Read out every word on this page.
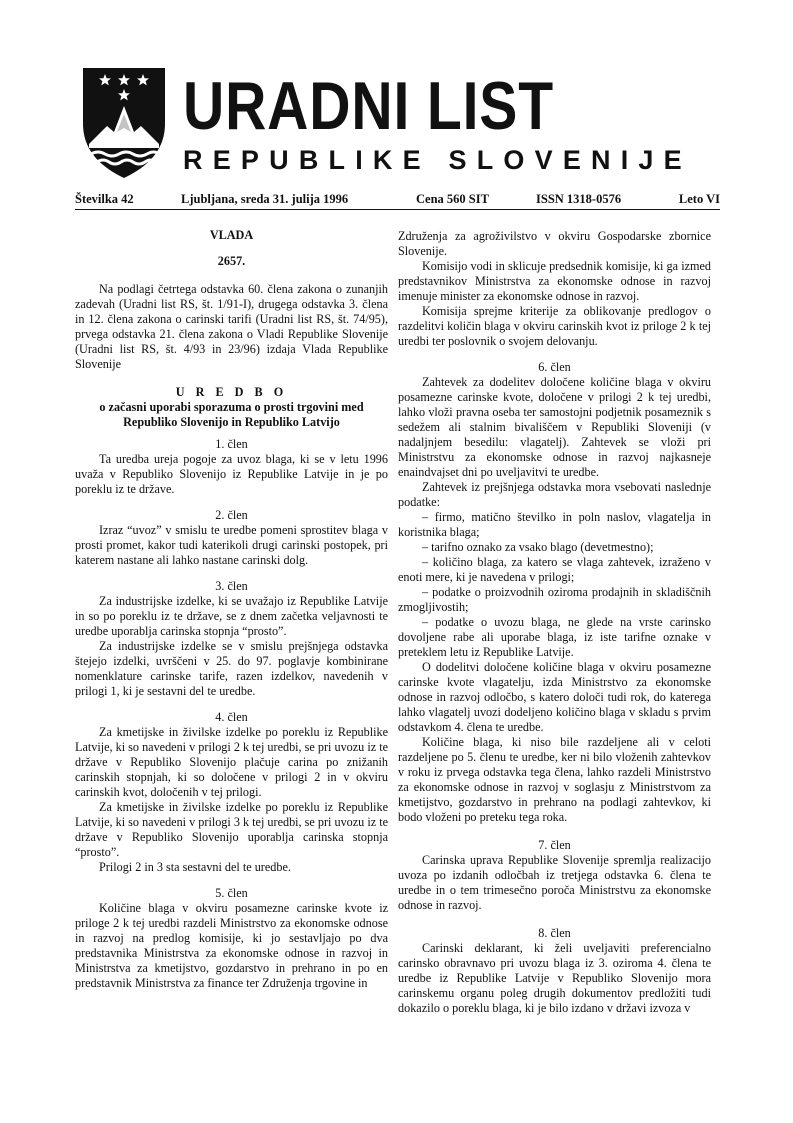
URADNI LIST
REPUBLIKE SLOVENIJE
Številka 42	Ljubljana, sreda 31. julija 1996	Cena 560 SIT	ISSN 1318-0576	Leto VI

VLADA

2657.

Na podlagi četrtega odstavka 60. člena zakona o zunanjih zadevah (Uradni list RS, št. 1/91-I), drugega odstavka 3. člena in 12. člena zakona o carinski tarifi (Uradni list RS, št. 74/95), prvega odstavka 21. člena zakona o Vladi Republike Slovenije (Uradni list RS, št. 4/93 in 23/96) izdaja Vlada Republike Slovenije

U R E D B O

o začasni uporabi sporazuma o prosti trgovini med Republiko Slovenijo in Republiko Latvijo

1. člen

Ta uredba ureja pogoje za uvoz blaga, ki se v letu 1996 uvaža v Republiko Slovenijo iz Republike Latvije in je po poreklu iz te države.

2. člen

Izraz “uvoz” v smislu te uredbe pomeni sprostitev blaga v prosti promet, kakor tudi katerikoli drugi carinski postopek, pri katerem nastane ali lahko nastane carinski dolg.

3. člen

Za industrijske izdelke, ki se uvažajo iz Republike Latvije in so po poreklu iz te države, se z dnem začetka veljavnosti te uredbe uporablja carinska stopnja “prosto”.

Za industrijske izdelke se v smislu prejšnjega odstavka štejejo izdelki, uvrščeni v 25. do 97. poglavje kombinirane nomenklature carinske tarife, razen izdelkov, navedenih v prilogi 1, ki je sestavni del te uredbe.

4. člen

Za kmetijske in živilske izdelke po poreklu iz Republike Latvije, ki so navedeni v prilogi 2 k tej uredbi, se pri uvozu iz te države v Republiko Slovenijo plačuje carina po znižanih carinskih stopnjah, ki so določene v prilogi 2 in v okviru carinskih kvot, določenih v tej prilogi.

Za kmetijske in živilske izdelke po poreklu iz Republike Latvije, ki so navedeni v prilogi 3 k tej uredbi, se pri uvozu iz te države v Republiko Slovenijo uporablja carinska stopnja “prosto”.

Prilogi 2 in 3 sta sestavni del te uredbe.

5. člen

Količine blaga v okviru posamezne carinske kvote iz priloge 2 k tej uredbi razdeli Ministrstvo za ekonomske odnose in razvoj na predlog komisije, ki jo sestavljajo po dva predstavnika Ministrstva za ekonomske odnose in razvoj in Ministrstva za kmetijstvo, gozdarstvo in prehrano in po en predstavnik Ministrstva za finance ter Združenja trgovine in

Združenja za agroživilstvo v okviru Gospodarske zbornice Slovenije.

Komisijo vodi in sklicuje predsednik komisije, ki ga izmed predstavnikov Ministrstva za ekonomske odnose in razvoj imenuje minister za ekonomske odnose in razvoj.

Komisija sprejme kriterije za oblikovanje predlogov o razdelitvi količin blaga v okviru carinskih kvot iz priloge 2 k tej uredbi ter poslovnik o svojem delovanju.

6. člen

Zahtevek za dodelitev določene količine blaga v okviru posamezne carinske kvote, določene v prilogi 2 k tej uredbi, lahko vloži pravna oseba ter samostojni podjetnik posameznik s sedežem ali stalnim bivališčem v Republiki Sloveniji (v nadaljnjem besedilu: vlagatelj). Zahtevek se vloži pri Ministrstvu za ekonomske odnose in razvoj najkasneje enaindvajset dni po uveljavitvi te uredbe.

Zahtevek iz prejšnjega odstavka mora vsebovati naslednje podatke:

– firmo, matično številko in poln naslov, vlagatelja in koristnika blaga;

– tarifno oznako za vsako blago (devetmestno);

– količino blaga, za katero se vlaga zahtevek, izraženo v enoti mere, ki je navedena v prilogi;

– podatke o proizvodnih oziroma prodajnih in skladiščnih zmogljivostih;

– podatke o uvozu blaga, ne glede na vrste carinsko dovoljene rabe ali uporabe blaga, iz iste tarifne oznake v preteklem letu iz Republike Latvije.

O dodelitvi določene količine blaga v okviru posamezne carinske kvote vlagatelju, izda Ministrstvo za ekonomske odnose in razvoj odločbo, s katero določi tudi rok, do katerega lahko vlagatelj uvozi dodeljeno količino blaga v skladu s prvim odstavkom 4. člena te uredbe.

Količine blaga, ki niso bile razdeljene ali v celoti razdeljene po 5. členu te uredbe, ker ni bilo vloženih zahtevkov v roku iz prvega odstavka tega člena, lahko razdeli Ministrstvo za ekonomske odnose in razvoj v soglasju z Ministrstvom za kmetijstvo, gozdarstvo in prehrano na podlagi zahtevkov, ki bodo vloženi po preteku tega roka.

7. člen

Carinska uprava Republike Slovenije spremlja realizacijo uvoza po izdanih odločbah iz tretjega odstavka 6. člena te uredbe in o tem trimesečno poroča Ministrstvu za ekonomske odnose in razvoj.

8. člen

Carinski deklarant, ki želi uveljaviti preferencialno carinsko obravnavo pri uvozu blaga iz 3. oziroma 4. člena te uredbe iz Republike Latvije v Republiko Slovenijo mora carinskemu organu poleg drugih dokumentov predložiti tudi dokazilo o poreklu blaga, ki je bilo izdano v državi izvoza v
